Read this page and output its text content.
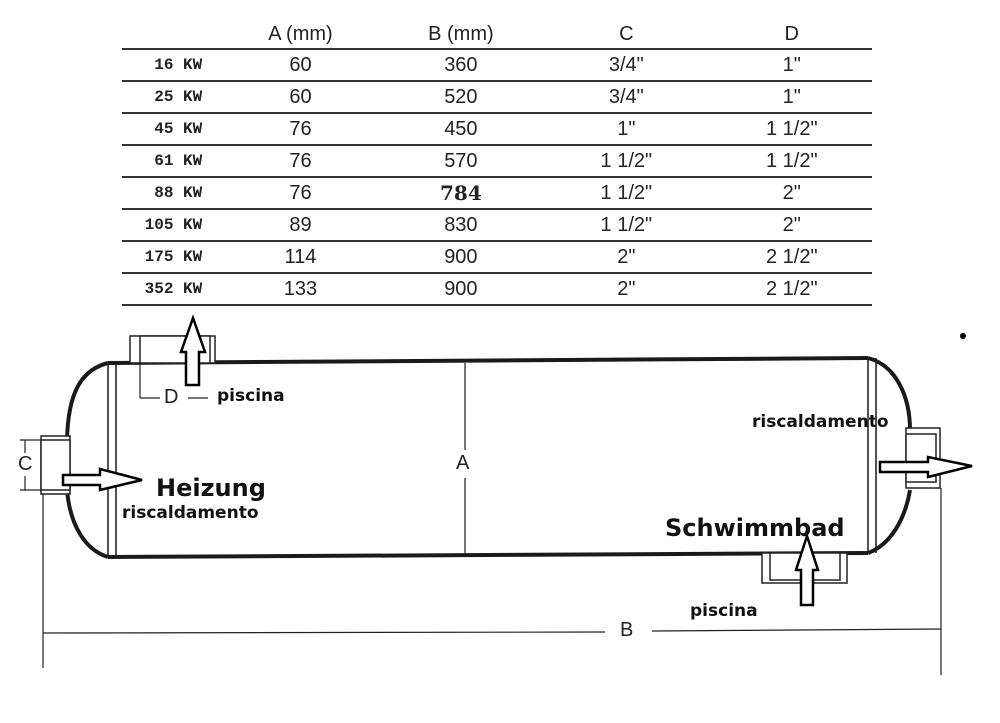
	A (mm)	B (mm)	C	D
16 KW	60	360	3/4"	1"
25 KW	60	520	3/4"	1"
45 KW	76	450	1"	1 1/2"
61 KW	76	570	1 1/2"	1 1/2"
88 KW	76	784	1 1/2"	2"
105 KW	89	830	1 1/2"	2"
175 KW	114	900	2"	2 1/2"
352 KW	133	900	2"	2 1/2"
A
B
C
D piscina
Heizung
riscaldamento
riscaldamento
Schwimmbad
piscina
